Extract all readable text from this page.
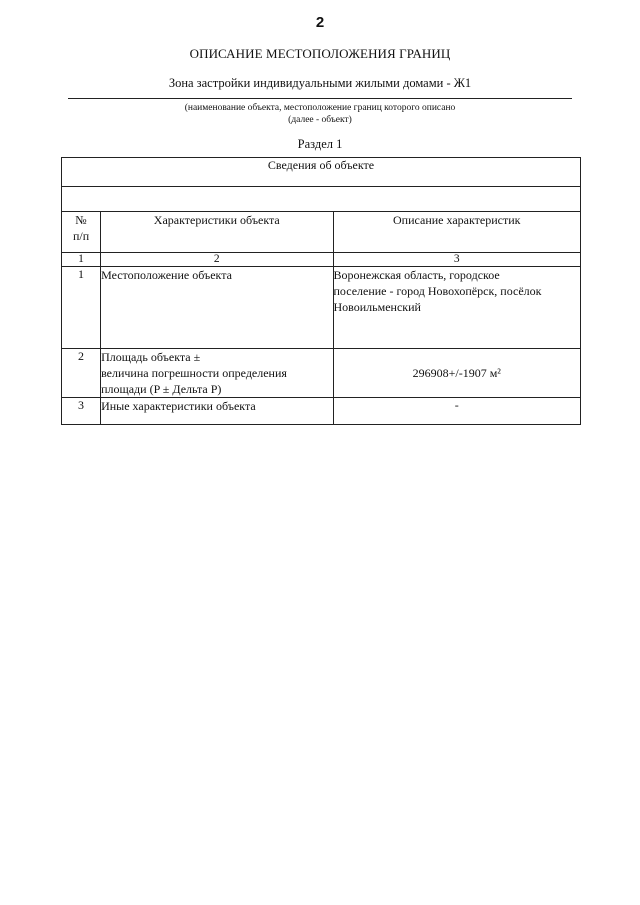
2
ОПИСАНИЕ МЕСТОПОЛОЖЕНИЯ ГРАНИЦ
Зона застройки индивидуальными жилыми домами - Ж1
(наименование объекта, местоположение границ которого описано
(далее - объект)
Раздел 1
Сведения об объекте		

№
п/п	Характеристики объекта	Описание характеристик
1	2	3
1	Местоположение объекта	Воронежская область, городское
поселение - город Новохопёрск, посёлок
Новоильменский

2	Площадь объекта ±
величина погрешности определения
площади (P ± Дельта P)	296908+/-1907 м²

3	Иные характеристики объекта	-
